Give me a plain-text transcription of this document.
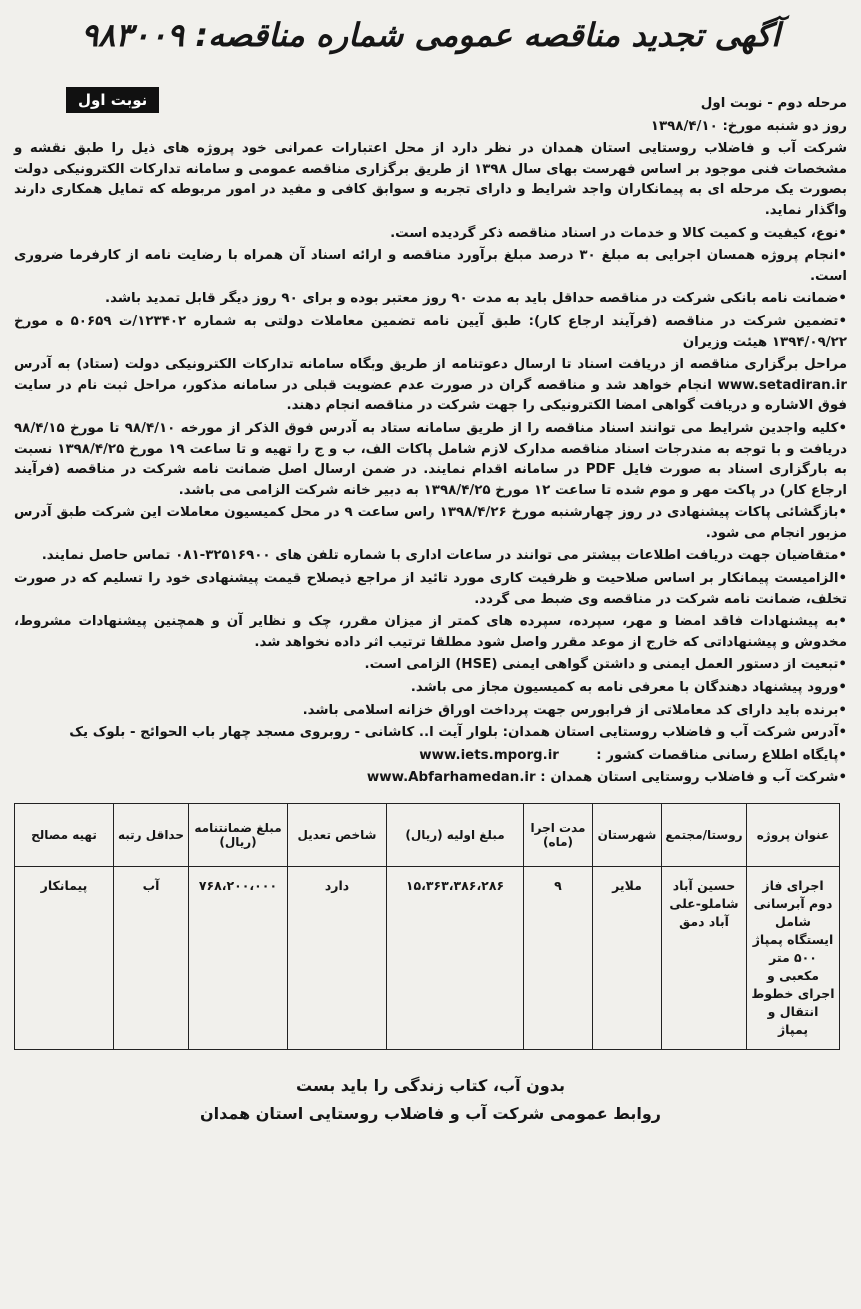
آگهی تجدید مناقصه عمومی شماره مناقصه: ۹۸۳۰۰۹
نوبت اول	مرحله دوم - نوبت اول

روز دو شنبه مورخ: ۱۳۹۸/۴/۱۰

شرکت آب و فاضلاب روستایی استان همدان در نظر دارد از محل اعتبارات عمرانی خود پروژه های ذیل را طبق نقشه و مشخصات فنی موجود بر اساس فهرست بهای سال ۱۳۹۸ از طریق برگزاری مناقصه عمومی و سامانه تدارکات الکترونیکی دولت بصورت یک مرحله ای به پیمانکاران واجد شرایط و دارای تجربه و سوابق کافی و مفید در امور مربوطه که تمایل همکاری دارند واگذار نماید.

•نوع، کیفیت و کمیت کالا و خدمات در اسناد مناقصه ذکر گردیده است.

•انجام پروژه همسان اجرایی به مبلغ ۳۰ درصد مبلغ برآورد مناقصه و ارائه اسناد آن همراه با رضایت نامه از کارفرما ضروری است.

•ضمانت نامه بانکی شرکت در مناقصه حداقل باید به مدت ۹۰ روز معتبر بوده و برای ۹۰ روز دیگر قابل تمدید باشد.

•تضمین شرکت در مناقصه (فرآیند ارجاع کار): طبق آیین نامه تضمین معاملات دولتی به شماره ۱۲۳۴۰۲/ت ۵۰۶۵۹ ه مورخ ۱۳۹۴/۰۹/۲۲ هیئت وزیران

مراحل برگزاری مناقصه از دریافت اسناد تا ارسال دعوتنامه از طریق وبگاه سامانه تدارکات الکترونیکی دولت (ستاد) به آدرس www.setadiran.ir انجام خواهد شد و مناقصه گران در صورت عدم عضویت قبلی در سامانه مذکور، مراحل ثبت نام در سایت فوق الاشاره و دریافت گواهی امضا الکترونیکی را جهت شرکت در مناقصه انجام دهند.

•کلیه واجدین شرایط می توانند اسناد مناقصه را از طریق سامانه ستاد به آدرس فوق الذکر از مورخه ۹۸/۴/۱۰ تا مورخ ۹۸/۴/۱۵ دریافت و با توجه به مندرجات اسناد مناقصه مدارک لازم شامل پاکات الف، ب و ج را تهیه و تا ساعت ۱۹ مورخ ۱۳۹۸/۴/۲۵ نسبت به بارگزاری اسناد به صورت فایل PDF در سامانه اقدام نمایند. در ضمن ارسال اصل ضمانت نامه شرکت در مناقصه (فرآیند ارجاع کار) در پاکت مهر و موم شده تا ساعت ۱۲ مورخ ۱۳۹۸/۴/۲۵ به دبیر خانه شرکت الزامی می باشد.

•بازگشائی پاکات پیشنهادی در روز چهارشنبه مورخ ۱۳۹۸/۴/۲۶ راس ساعت ۹ در محل کمیسیون معاملات این شرکت طبق آدرس مزبور انجام می شود.

•متقاضیان جهت دریافت اطلاعات بیشتر می توانند در ساعات اداری با شماره تلفن های ۳۲۵۱۶۹۰۰-۰۸۱ تماس حاصل نمایند.

•الزامیست پیمانکار بر اساس صلاحیت و ظرفیت کاری مورد تائید از مراجع ذیصلاح قیمت پیشنهادی خود را تسلیم که در صورت تخلف، ضمانت نامه شرکت در مناقصه وی ضبط می گردد.

•به پیشنهادات فاقد امضا و مهر، سپرده، سپرده های کمتر از میزان مقرر، چک و نظایر آن و همچنین پیشنهادات مشروط، مخدوش و پیشنهاداتی که خارج از موعد مقرر واصل شود مطلقا ترتیب اثر داده نخواهد شد.

•تبعیت از دستور العمل ایمنی و داشتن گواهی ایمنی (HSE) الزامی است.

•ورود پیشنهاد دهندگان با معرفی نامه به کمیسیون مجاز می باشد.

•برنده باید دارای کد معاملاتی از فرابورس جهت پرداخت اوراق خزانه اسلامی باشد.

•آدرس شرکت آب و فاضلاب روستایی استان همدان: بلوار آیت ا.. کاشانی - روبروی مسجد چهار باب الحوائج - بلوک یک

•پایگاه اطلاع رسانی مناقصات کشور :        www.iets.mporg.ir

•شرکت آب و فاضلاب روستایی استان همدان : www.Abfarhamedan.ir

عنوان پروژه	روستا/مجتمع	شهرستان	مدت اجرا (ماه)	مبلغ اولیه (ریال)	شاخص تعدیل	مبلغ ضمانتنامه (ریال)	حداقل رتبه	تهیه مصالح
اجرای فاز دوم آبرسانی شامل ایستگاه پمپاژ ۵۰۰ متر مکعبی و اجرای خطوط انتقال و پمپاژ	حسین آباد شاملو-علی آباد دمق	ملایر	۹	۱۵،۳۶۳،۳۸۶،۲۸۶	دارد	۷۶۸،۲۰۰،۰۰۰	آب	پیمانکار
بدون آب، کتاب زندگی را باید بست
روابط عمومی شرکت آب و فاضلاب روستایی استان همدان
